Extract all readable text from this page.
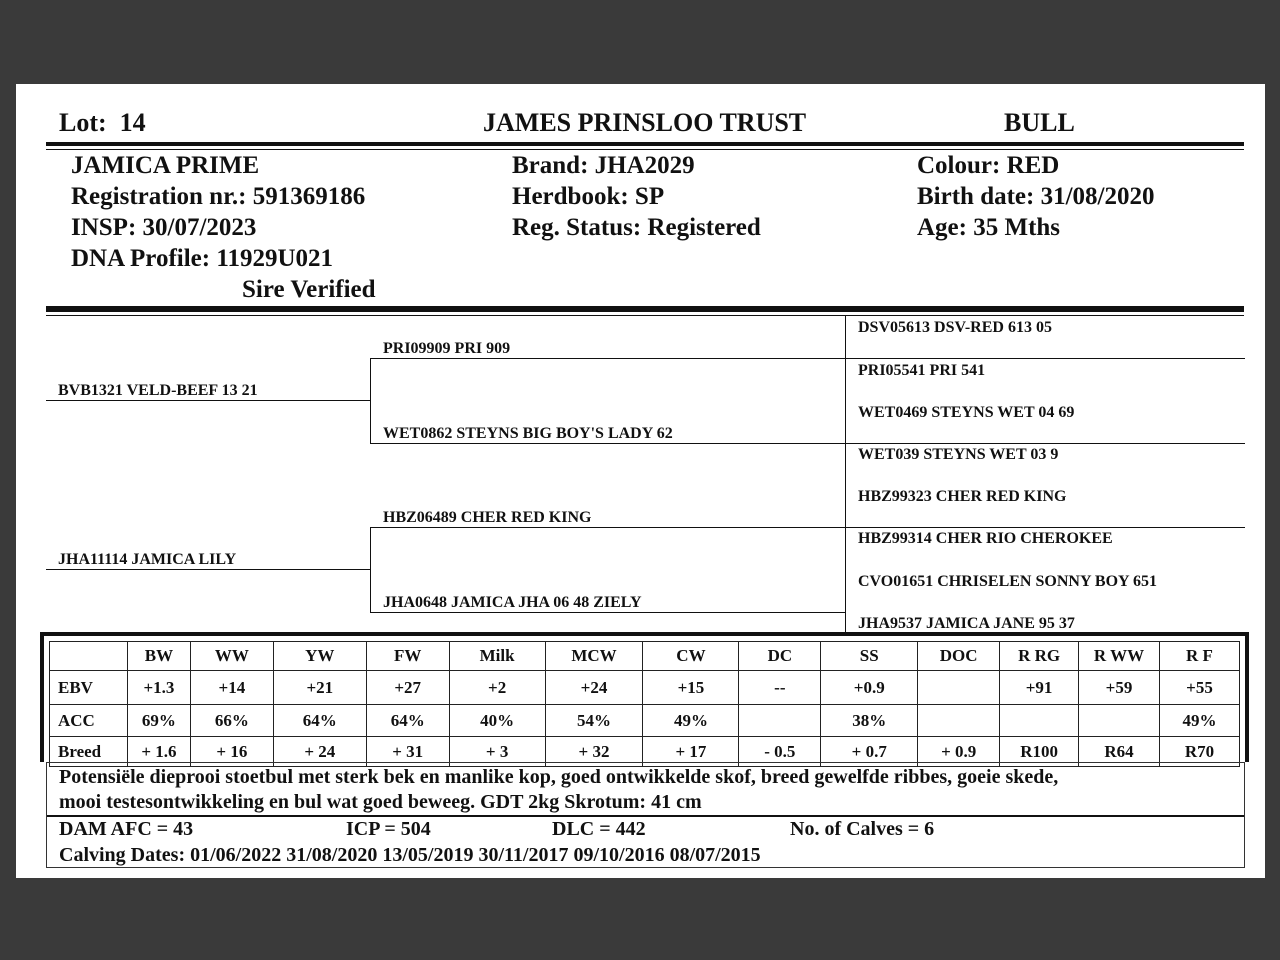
Lot: 14	JAMES PRINSLOO TRUST	BULL
JAMICA PRIME
Registration nr.: 591369186
INSP: 30/07/2023
DNA Profile: 11929U021
Sire Verified
Brand: JHA2029
Herdbook: SP
Reg. Status: Registered
Colour: RED
Birth date: 31/08/2020
Age: 35 Mths
BVB1321 VELD-BEEF 13 21
JHA11114 JAMICA LILY
PRI09909 PRI 909
WET0862 STEYNS BIG BOY'S LADY 62
HBZ06489 CHER RED KING
JHA0648 JAMICA JHA 06 48 ZIELY
DSV05613 DSV-RED 613 05
PRI05541 PRI 541
WET0469 STEYNS WET 04 69
WET039 STEYNS WET 03 9
HBZ99323 CHER RED KING
HBZ99314 CHER RIO CHEROKEE
CVO01651 CHRISELEN SONNY BOY 651
JHA9537 JAMICA JANE 95 37
	BW	WW	YW	FW	Milk	MCW	CW	DC	SS	DOC	R RG	R WW	R F
EBV	+1.3	+14	+21	+27	+2	+24	+15	--	+0.9		+91	+59	+55
ACC	69%	66%	64%	64%	40%	54%	49%		38%				49%
Breed	+ 1.6	+ 16	+ 24	+ 31	+ 3	+ 32	+ 17	- 0.5	+ 0.7	+ 0.9	R100	R64	R70
Potensiële dieprooi stoetbul met sterk bek en manlike kop, goed ontwikkelde skof, breed gewelfde ribbes, goeie skede,
mooi testesontwikkeling en bul wat goed beweeg. GDT 2kg Skrotum: 41 cm
DAM AFC = 43	ICP = 504	DLC = 442	No. of Calves = 6
Calving Dates: 01/06/2022 31/08/2020 13/05/2019 30/11/2017 09/10/2016 08/07/2015
